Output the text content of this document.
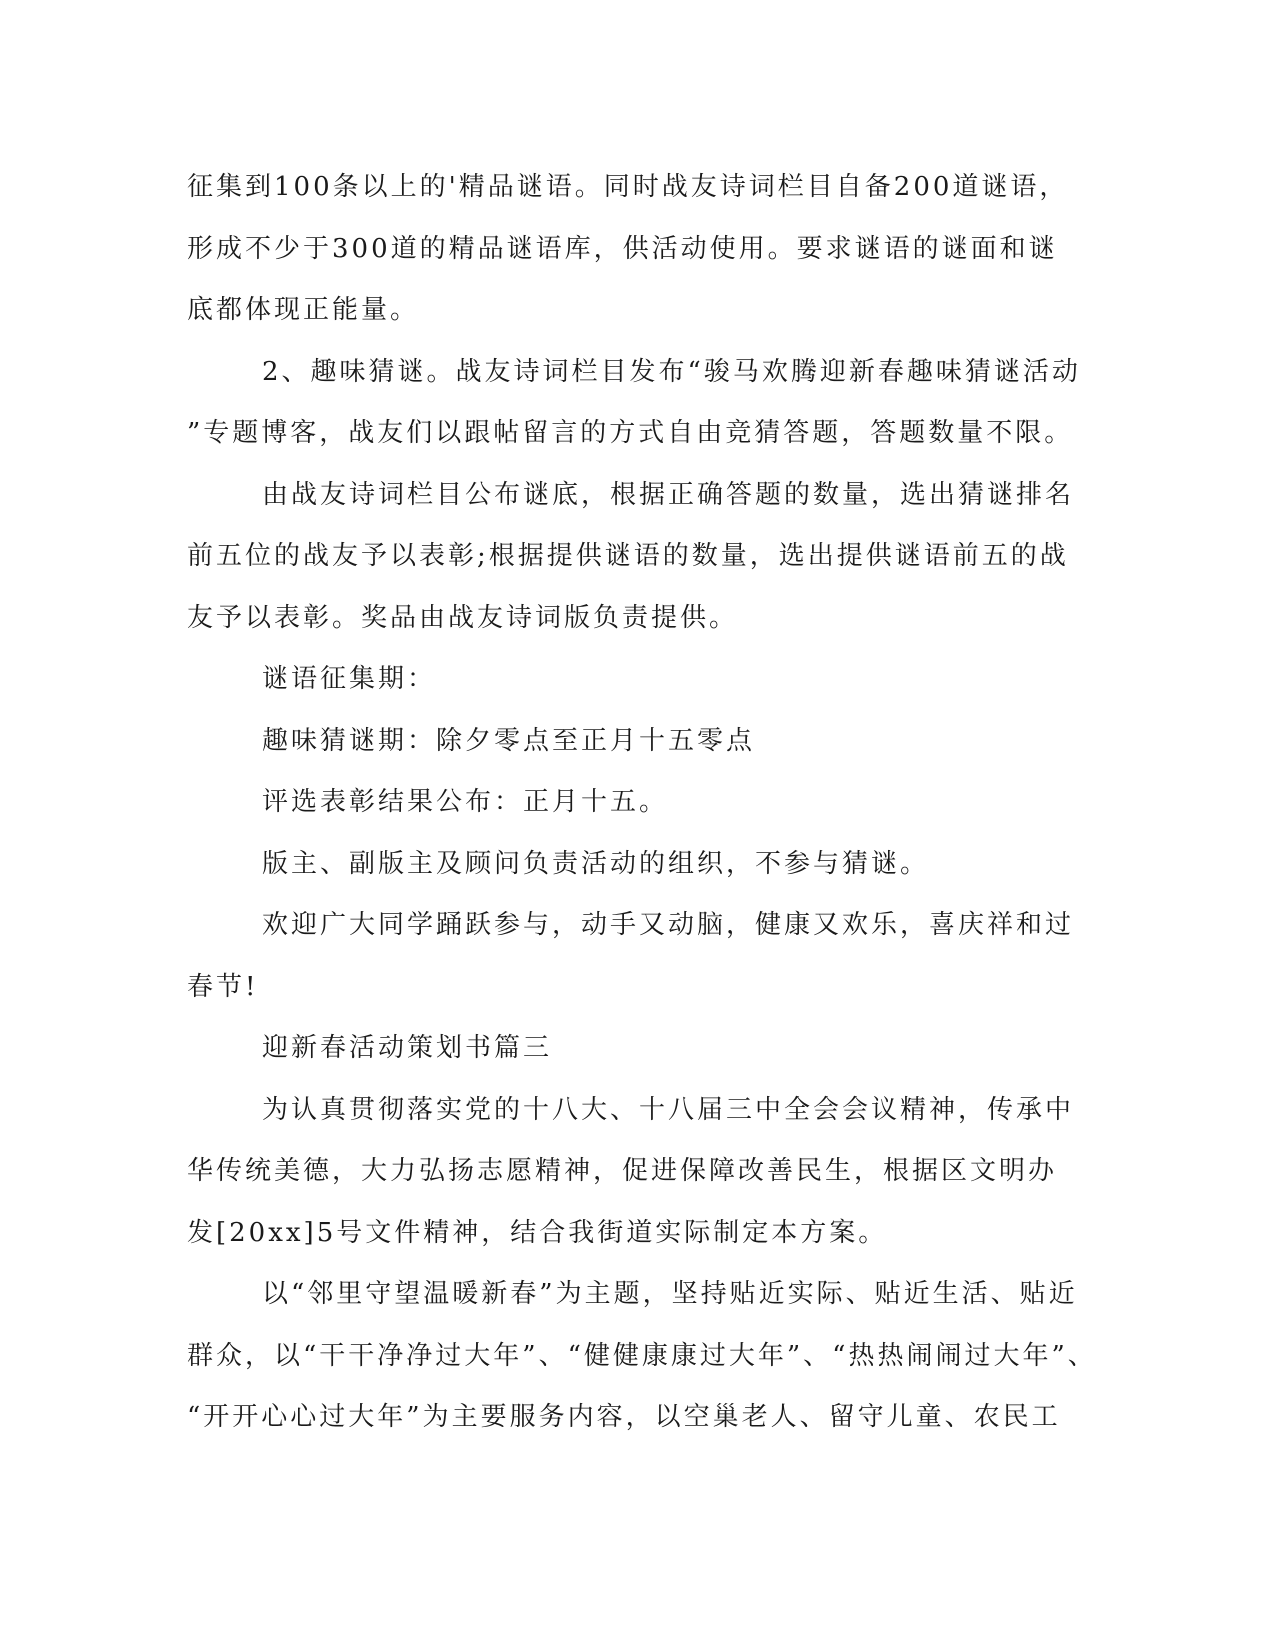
征集到100条以上的'精品谜语。同时战友诗词栏目自备200道谜语，
形成不少于300道的精品谜语库，供活动使用。要求谜语的谜面和谜
底都体现正能量。
2、趣味猜谜。战友诗词栏目发布“骏马欢腾迎新春趣味猜谜活动
”专题博客，战友们以跟帖留言的方式自由竞猜答题，答题数量不限。
由战友诗词栏目公布谜底，根据正确答题的数量，选出猜谜排名
前五位的战友予以表彰;根据提供谜语的数量，选出提供谜语前五的战
友予以表彰。奖品由战友诗词版负责提供。
谜语征集期：
趣味猜谜期：除夕零点至正月十五零点
评选表彰结果公布：正月十五。
版主、副版主及顾问负责活动的组织，不参与猜谜。
欢迎广大同学踊跃参与，动手又动脑，健康又欢乐，喜庆祥和过
春节!
迎新春活动策划书篇三
为认真贯彻落实党的十八大、十八届三中全会会议精神，传承中
华传统美德，大力弘扬志愿精神，促进保障改善民生，根据区文明办
发[20xx]5号文件精神，结合我街道实际制定本方案。
以“邻里守望温暖新春”为主题，坚持贴近实际、贴近生活、贴近
群众，以“干干净净过大年”、“健健康康过大年”、“热热闹闹过大年”、
“开开心心过大年”为主要服务内容，以空巢老人、留守儿童、农民工
